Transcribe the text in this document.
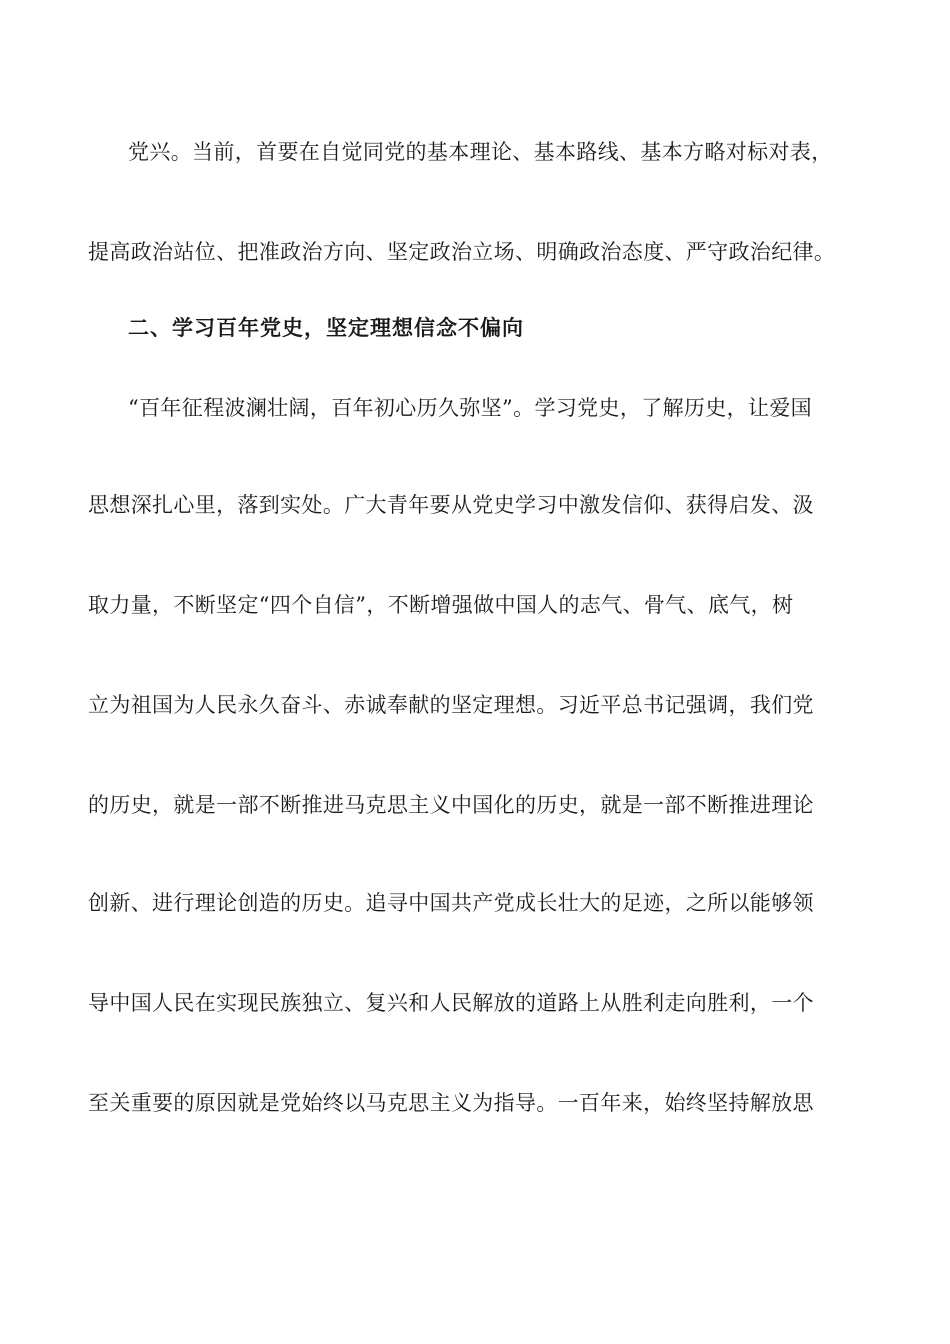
党兴。当前，首要在自觉同党的基本理论、基本路线、基本方略对标对表，
提高政治站位、把准政治方向、坚定政治立场、明确政治态度、严守政治纪律。
二、学习百年党史，坚定理想信念不偏向
“百年征程波澜壮阔，百年初心历久弥坚”。学习党史，了解历史，让爱国
思想深扎心里，落到实处。广大青年要从党史学习中激发信仰、获得启发、汲
取力量，不断坚定“四个自信”，不断增强做中国人的志气、骨气、底气，树
立为祖国为人民永久奋斗、赤诚奉献的坚定理想。习近平总书记强调，我们党
的历史，就是一部不断推进马克思主义中国化的历史，就是一部不断推进理论
创新、进行理论创造的历史。追寻中国共产党成长壮大的足迹，之所以能够领
导中国人民在实现民族独立、复兴和人民解放的道路上从胜利走向胜利，一个
至关重要的原因就是党始终以马克思主义为指导。一百年来，始终坚持解放思
